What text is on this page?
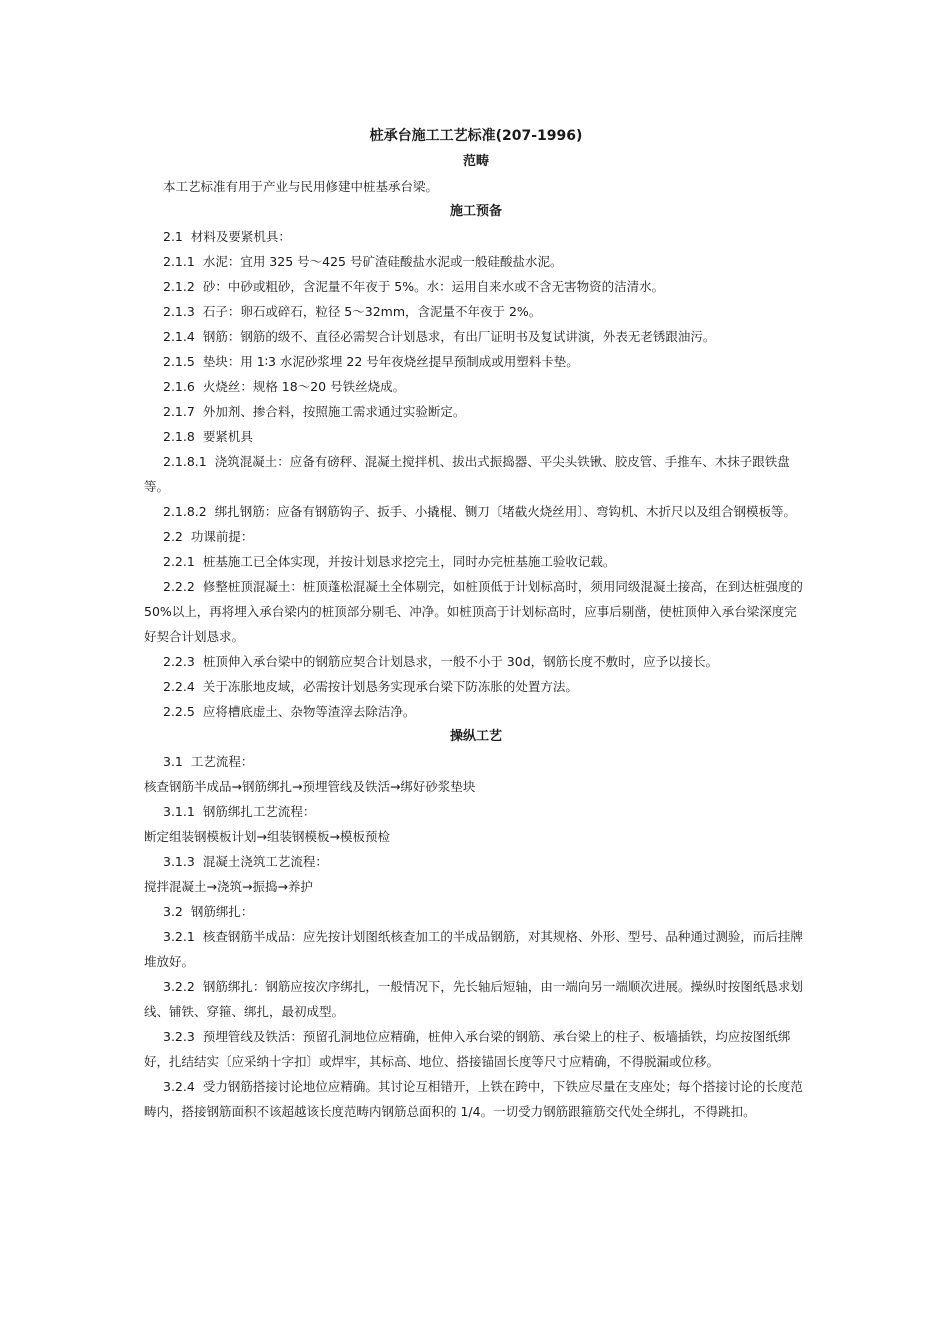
桩承台施工工艺标准(207-1996)

范畴

本工艺标准有用于产业与民用修建中桩基承台梁。

施工预备

2.1 材料及要紧机具：

2.1.1 水泥：宜用 325 号～425 号矿渣硅酸盐水泥或一般硅酸盐水泥。

2.1.2 砂：中砂或粗砂，含泥量不年夜于 5%。水：运用自来水或不含无害物资的洁清水。

2.1.3 石子：卵石或碎石，粒径 5～32mm，含泥量不年夜于 2%。

2.1.4 钢筋：钢筋的级不、直径必需契合计划恳求，有出厂证明书及复试讲演，外表无老锈跟油污。

2.1.5 垫块：用 1∶3 水泥砂浆埋 22 号年夜烧丝提早预制成或用塑料卡垫。

2.1.6 火烧丝：规格 18～20 号铁丝烧成。

2.1.7 外加剂、掺合料，按照施工需求通过实验断定。

2.1.8 要紧机具

2.1.8.1 浇筑混凝土：应备有磅秤、混凝土搅拌机、拔出式振捣器、平尖头铁锹、胶皮管、手推车、木抹子跟铁盘等。

2.1.8.2 绑扎钢筋：应备有钢筋钩子、扳手、小撬棍、铡刀〔堵截火烧丝用〕、弯钩机、木折尺以及组合钢模板等。

2.2 功课前提：

2.2.1 桩基施工已全体实现，并按计划恳求挖完土，同时办完桩基施工验收记载。

2.2.2 修整桩顶混凝土：桩顶蓬松混凝土全体剔完，如桩顶低于计划标高时，须用同级混凝土接高，在到达桩强度的 50%以上，再将埋入承台梁内的桩顶部分剔毛、冲净。如桩顶高于计划标高时，应事后剔凿，使桩顶伸入承台梁深度完好契合计划恳求。

2.2.3 桩顶伸入承台梁中的钢筋应契合计划恳求，一般不小于 30d，钢筋长度不敷时，应予以接长。

2.2.4 关于冻胀地皮域，必需按计划恳务实现承台梁下防冻胀的处置方法。

2.2.5 应将槽底虚土、杂物等渣滓去除洁净。

操纵工艺

3.1 工艺流程：

核查钢筋半成品→钢筋绑扎→预埋管线及铁活→绑好砂浆垫块

3.1.1 钢筋绑扎工艺流程：

断定组装钢模板计划→组装钢模板→模板预检

3.1.3 混凝土浇筑工艺流程：

搅拌混凝土→浇筑→振捣→养护

3.2 钢筋绑扎：

3.2.1 核查钢筋半成品：应先按计划图纸核查加工的半成品钢筋，对其规格、外形、型号、品种通过测验，而后挂牌堆放好。

3.2.2 钢筋绑扎：钢筋应按次序绑扎，一般情况下，先长轴后短轴，由一端向另一端顺次进展。操纵时按图纸恳求划线、铺铁、穿箍、绑扎，最初成型。

3.2.3 预埋管线及铁活：预留孔洞地位应精确，桩伸入承台梁的钢筋、承台梁上的柱子、板墙插铁，均应按图纸绑好，扎结结实〔应采纳十字扣〕或焊牢，其标高、地位、搭接锚固长度等尺寸应精确，不得脱漏或位移。

3.2.4 受力钢筋搭接讨论地位应精确。其讨论互相错开，上铁在跨中，下铁应尽量在支座处；每个搭接讨论的长度范畴内，搭接钢筋面积不该超越该长度范畴内钢筋总面积的 1/4。一切受力钢筋跟箍筋交代处全绑扎，不得跳扣。
